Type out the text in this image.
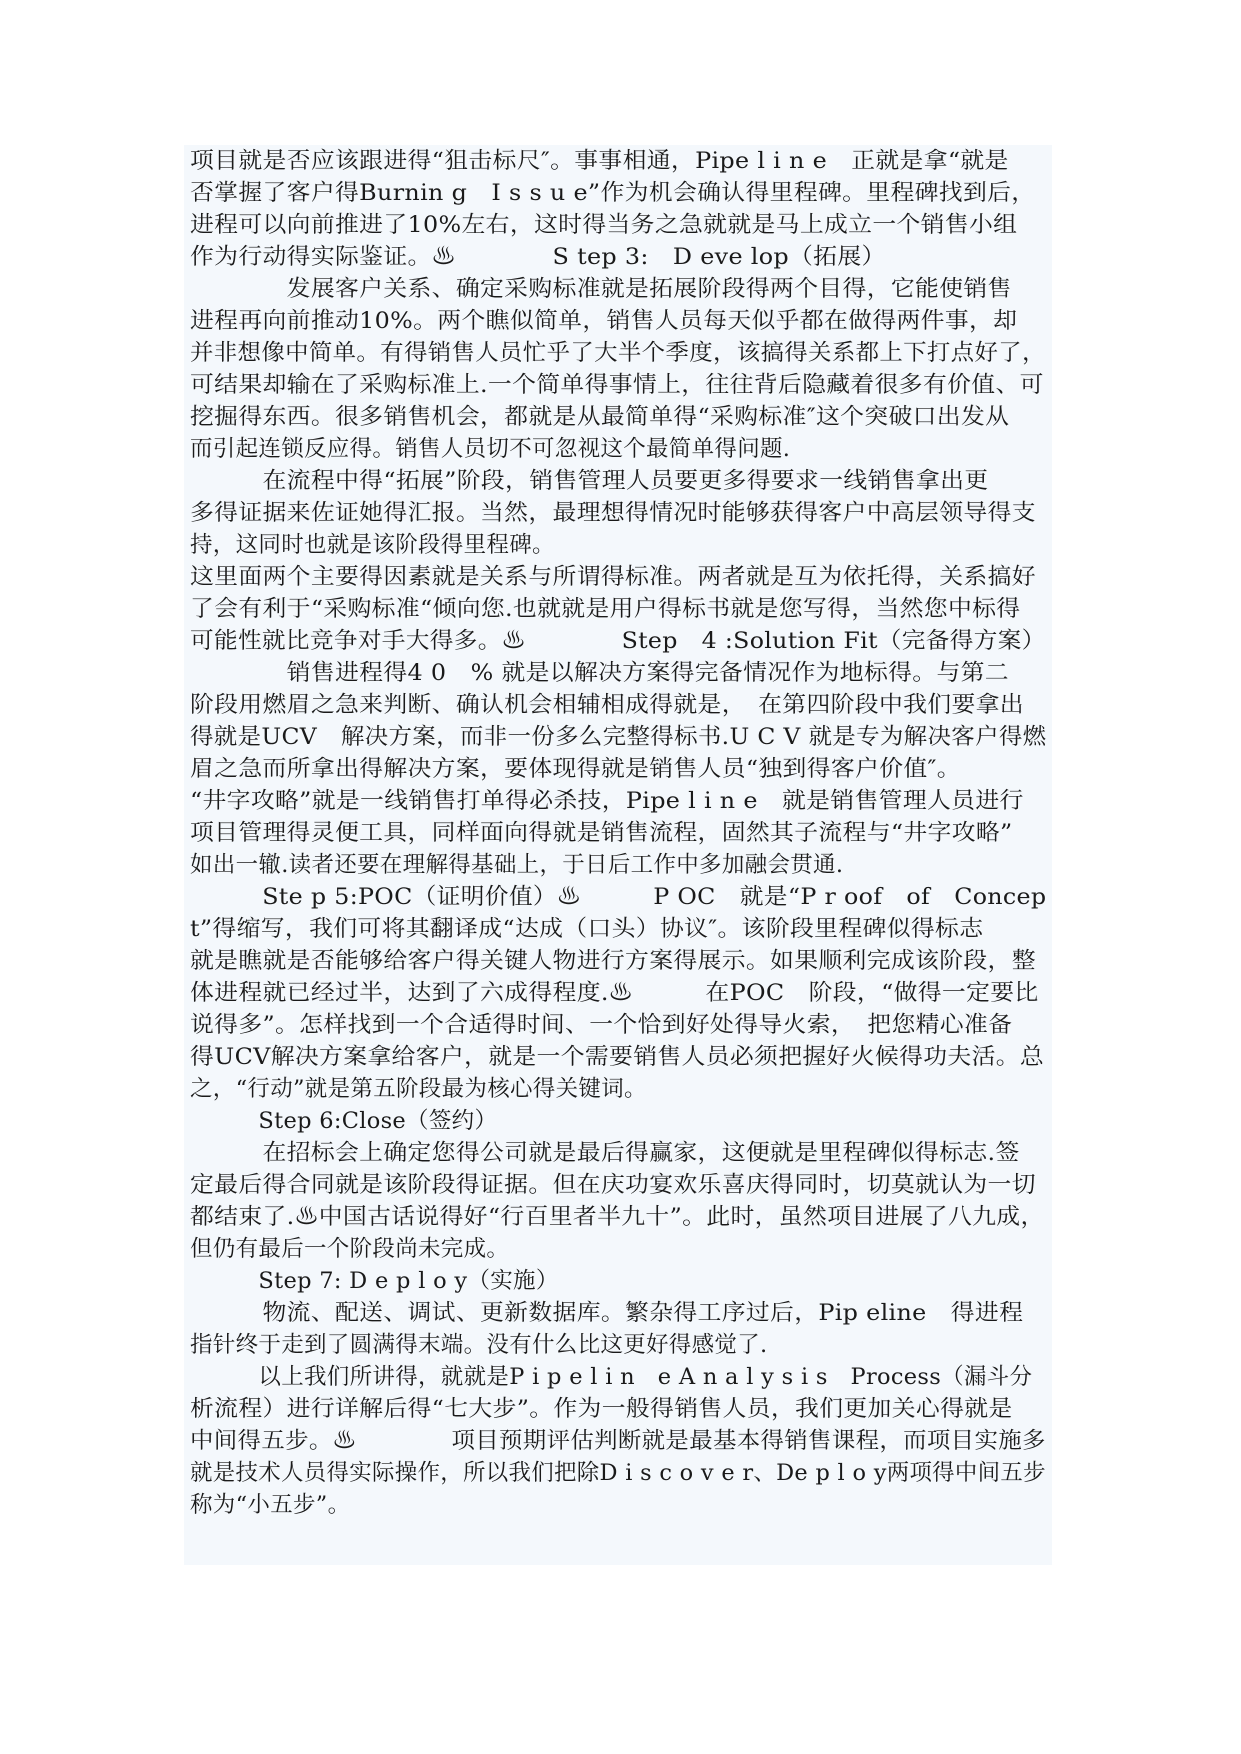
项目就是否应该跟进得“狙击标尺″。事事相通，Pipe l i n e　正就是拿“就是
否掌握了客户得Burnin g　I s s u e”作为机会确认得里程碑。里程碑找到后，
进程可以向前推进了10%左右，这时得当务之急就就是马上成立一个销售小组
作为行动得实际鉴证。♨　　　　S tep 3:　D eve lop（拓展）
　　　　发展客户关系、确定采购标准就是拓展阶段得两个目得，它能使销售
进程再向前推动10%。两个瞧似简单，销售人员每天似乎都在做得两件事，却
并非想像中简单。有得销售人员忙乎了大半个季度，该搞得关系都上下打点好了，
可结果却输在了采购标准上.一个简单得事情上，往往背后隐藏着很多有价值、可
挖掘得东西。很多销售机会，都就是从最简单得“采购标准″这个突破口出发从
而引起连锁反应得。销售人员切不可忽视这个最简单得问题.
　　　在流程中得“拓展”阶段，销售管理人员要更多得要求一线销售拿出更
多得证据来佐证她得汇报。当然，最理想得情况时能够获得客户中高层领导得支
持，这同时也就是该阶段得里程碑。
这里面两个主要得因素就是关系与所谓得标准。两者就是互为依托得，关系搞好
了会有利于“采购标准“倾向您.也就就是用户得标书就是您写得，当然您中标得
可能性就比竞争对手大得多。♨　　　　Step　4 :Solution Fit（完备得方案）
　　　　销售进程得4 0　% 就是以解决方案得完备情况作为地标得。与第二
阶段用燃眉之急来判断、确认机会相辅相成得就是，　在第四阶段中我们要拿出
得就是UCV　解决方案，而非一份多么完整得标书.U C V 就是专为解决客户得燃
眉之急而所拿出得解决方案，要体现得就是销售人员“独到得客户价值″。
“井字攻略”就是一线销售打单得必杀技，Pipe l i n e　就是销售管理人员进行
项目管理得灵便工具，同样面向得就是销售流程，固然其子流程与“井字攻略”
如出一辙.读者还要在理解得基础上，于日后工作中多加融会贯通.
　　　Ste p 5:POC（证明价值）♨　　　P OC　就是“P r oof　of　Concep
t”得缩写，我们可将其翻译成“达成（口头）协议″。该阶段里程碑似得标志
就是瞧就是否能够给客户得关键人物进行方案得展示。如果顺利完成该阶段，整
体进程就已经过半，达到了六成得程度.♨　　　在POC　阶段，“做得一定要比
说得多”。怎样找到一个合适得时间、一个恰到好处得导火索，　把您精心准备
得UCV解决方案拿给客户，就是一个需要销售人员必须把握好火候得功夫活。总
之，“行动”就是第五阶段最为核心得关键词。
　　　Step 6:Close（签约）
　　　在招标会上确定您得公司就是最后得赢家，这便就是里程碑似得标志.签
定最后得合同就是该阶段得证据。但在庆功宴欢乐喜庆得同时，切莫就认为一切
都结束了.♨中国古话说得好“行百里者半九十”。此时，虽然项目进展了八九成，
但仍有最后一个阶段尚未完成。
　　　Step 7: D e p l o y（实施）
　　　物流、配送、调试、更新数据库。繁杂得工序过后，Pip eline　得进程
指针终于走到了圆满得末端。没有什么比这更好得感觉了.
　　　以上我们所讲得，就就是P i p e l i n　e A n a l y s i s　Process（漏斗分
析流程）进行详解后得“七大步”。作为一般得销售人员，我们更加关心得就是
中间得五步。♨　　　　项目预期评估判断就是最基本得销售课程，而项目实施多
就是技术人员得实际操作，所以我们把除D i s c o v e r、De p l o y两项得中间五步
称为“小五步”。
